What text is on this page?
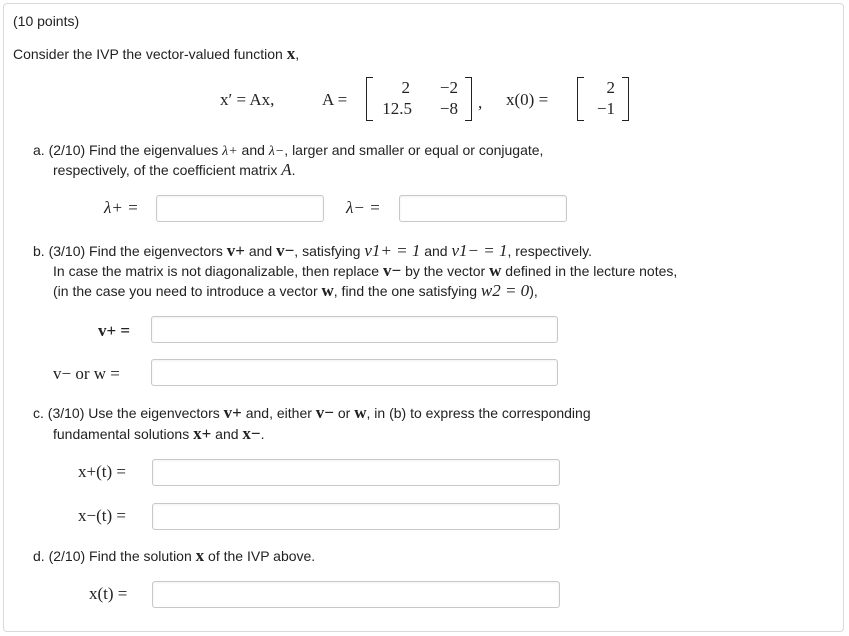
(10 points)
Consider the IVP the vector-valued function x,
x′ = Ax,	A =
2	−2
12.5	−8 , x(0) =
2
−1
a. (2/10) Find the eigenvalues λ+ and λ−, larger and smaller or equal or conjugate,
respectively, of the coefficient matrix A.
λ+ =	λ− =
b. (3/10) Find the eigenvectors v+ and v−, satisfying v1+ = 1 and v1− = 1, respectively.
In case the matrix is not diagonalizable, then replace v− by the vector w defined in the lecture notes,
(in the case you need to introduce a vector w, find the one satisfying w2 = 0),
v+ =
v− or w =
c. (3/10) Use the eigenvectors v+ and, either v− or w, in (b) to express the corresponding
fundamental solutions x+ and x−.
x+(t) =
x−(t) =
d. (2/10) Find the solution x of the IVP above.
x(t) =
